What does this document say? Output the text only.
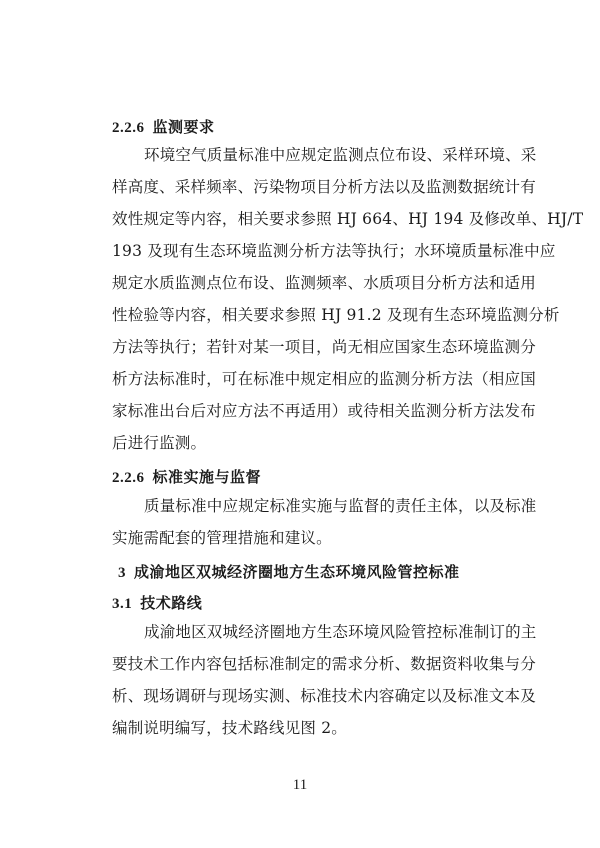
2.2.6 监测要求
环境空气质量标准中应规定监测点位布设、采样环境、采
样高度、采样频率、污染物项目分析方法以及监测数据统计有
效性规定等内容，相关要求参照 HJ 664、HJ 194 及修改单、HJ/T
193 及现有生态环境监测分析方法等执行；水环境质量标准中应
规定水质监测点位布设、监测频率、水质项目分析方法和适用
性检验等内容，相关要求参照 HJ 91.2 及现有生态环境监测分析
方法等执行；若针对某一项目，尚无相应国家生态环境监测分
析方法标准时，可在标准中规定相应的监测分析方法（相应国
家标准出台后对应方法不再适用）或待相关监测分析方法发布
后进行监测。
2.2.6 标准实施与监督
质量标准中应规定标准实施与监督的责任主体，以及标准
实施需配套的管理措施和建议。
3 成渝地区双城经济圈地方生态环境风险管控标准
3.1 技术路线
成渝地区双城经济圈地方生态环境风险管控标准制订的主
要技术工作内容包括标准制定的需求分析、数据资料收集与分
析、现场调研与现场实测、标准技术内容确定以及标准文本及
编制说明编写，技术路线见图 2。
11
